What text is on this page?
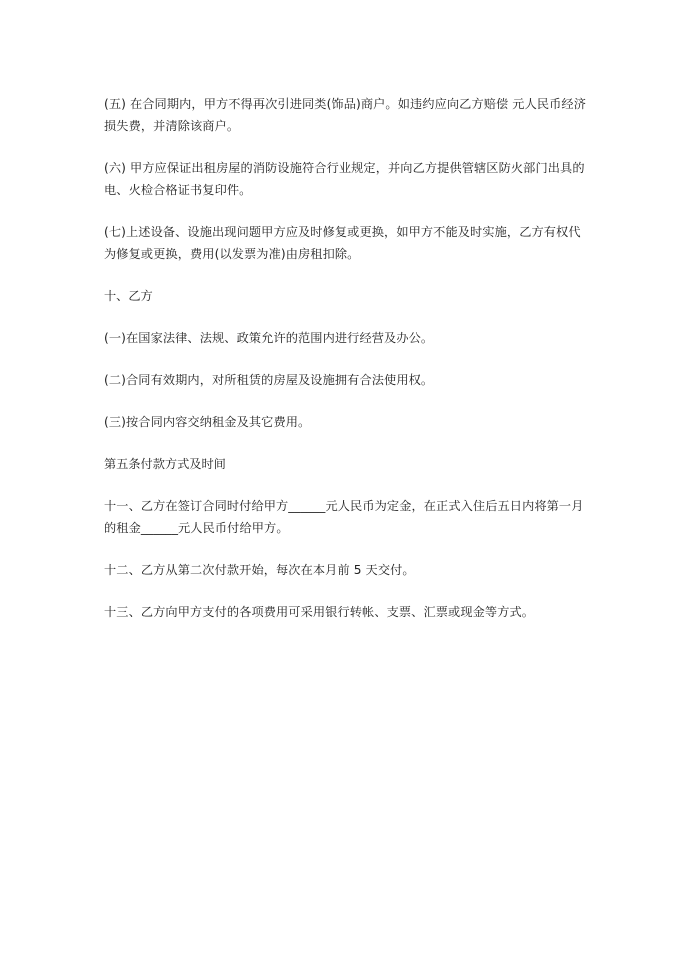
(五) 在合同期内，甲方不得再次引进同类(饰品)商户。如违约应向乙方赔偿 元人民币经济损失费，并清除该商户。

(六) 甲方应保证出租房屋的消防设施符合行业规定，并向乙方提供管辖区防火部门出具的电、火检合格证书复印件。

(七)上述设备、设施出现问题甲方应及时修复或更换，如甲方不能及时实施，乙方有权代为修复或更换，费用(以发票为准)由房租扣除。

十、乙方

(一)在国家法律、法规、政策允许的范围内进行经营及办公。

(二)合同有效期内，对所租赁的房屋及设施拥有合法使用权。

(三)按合同内容交纳租金及其它费用。

第五条付款方式及时间

十一、乙方在签订合同时付给甲方______元人民币为定金，在正式入住后五日内将第一月的租金______元人民币付给甲方。

十二、乙方从第二次付款开始，每次在本月前 5 天交付。

十三、乙方向甲方支付的各项费用可采用银行转帐、支票、汇票或现金等方式。
